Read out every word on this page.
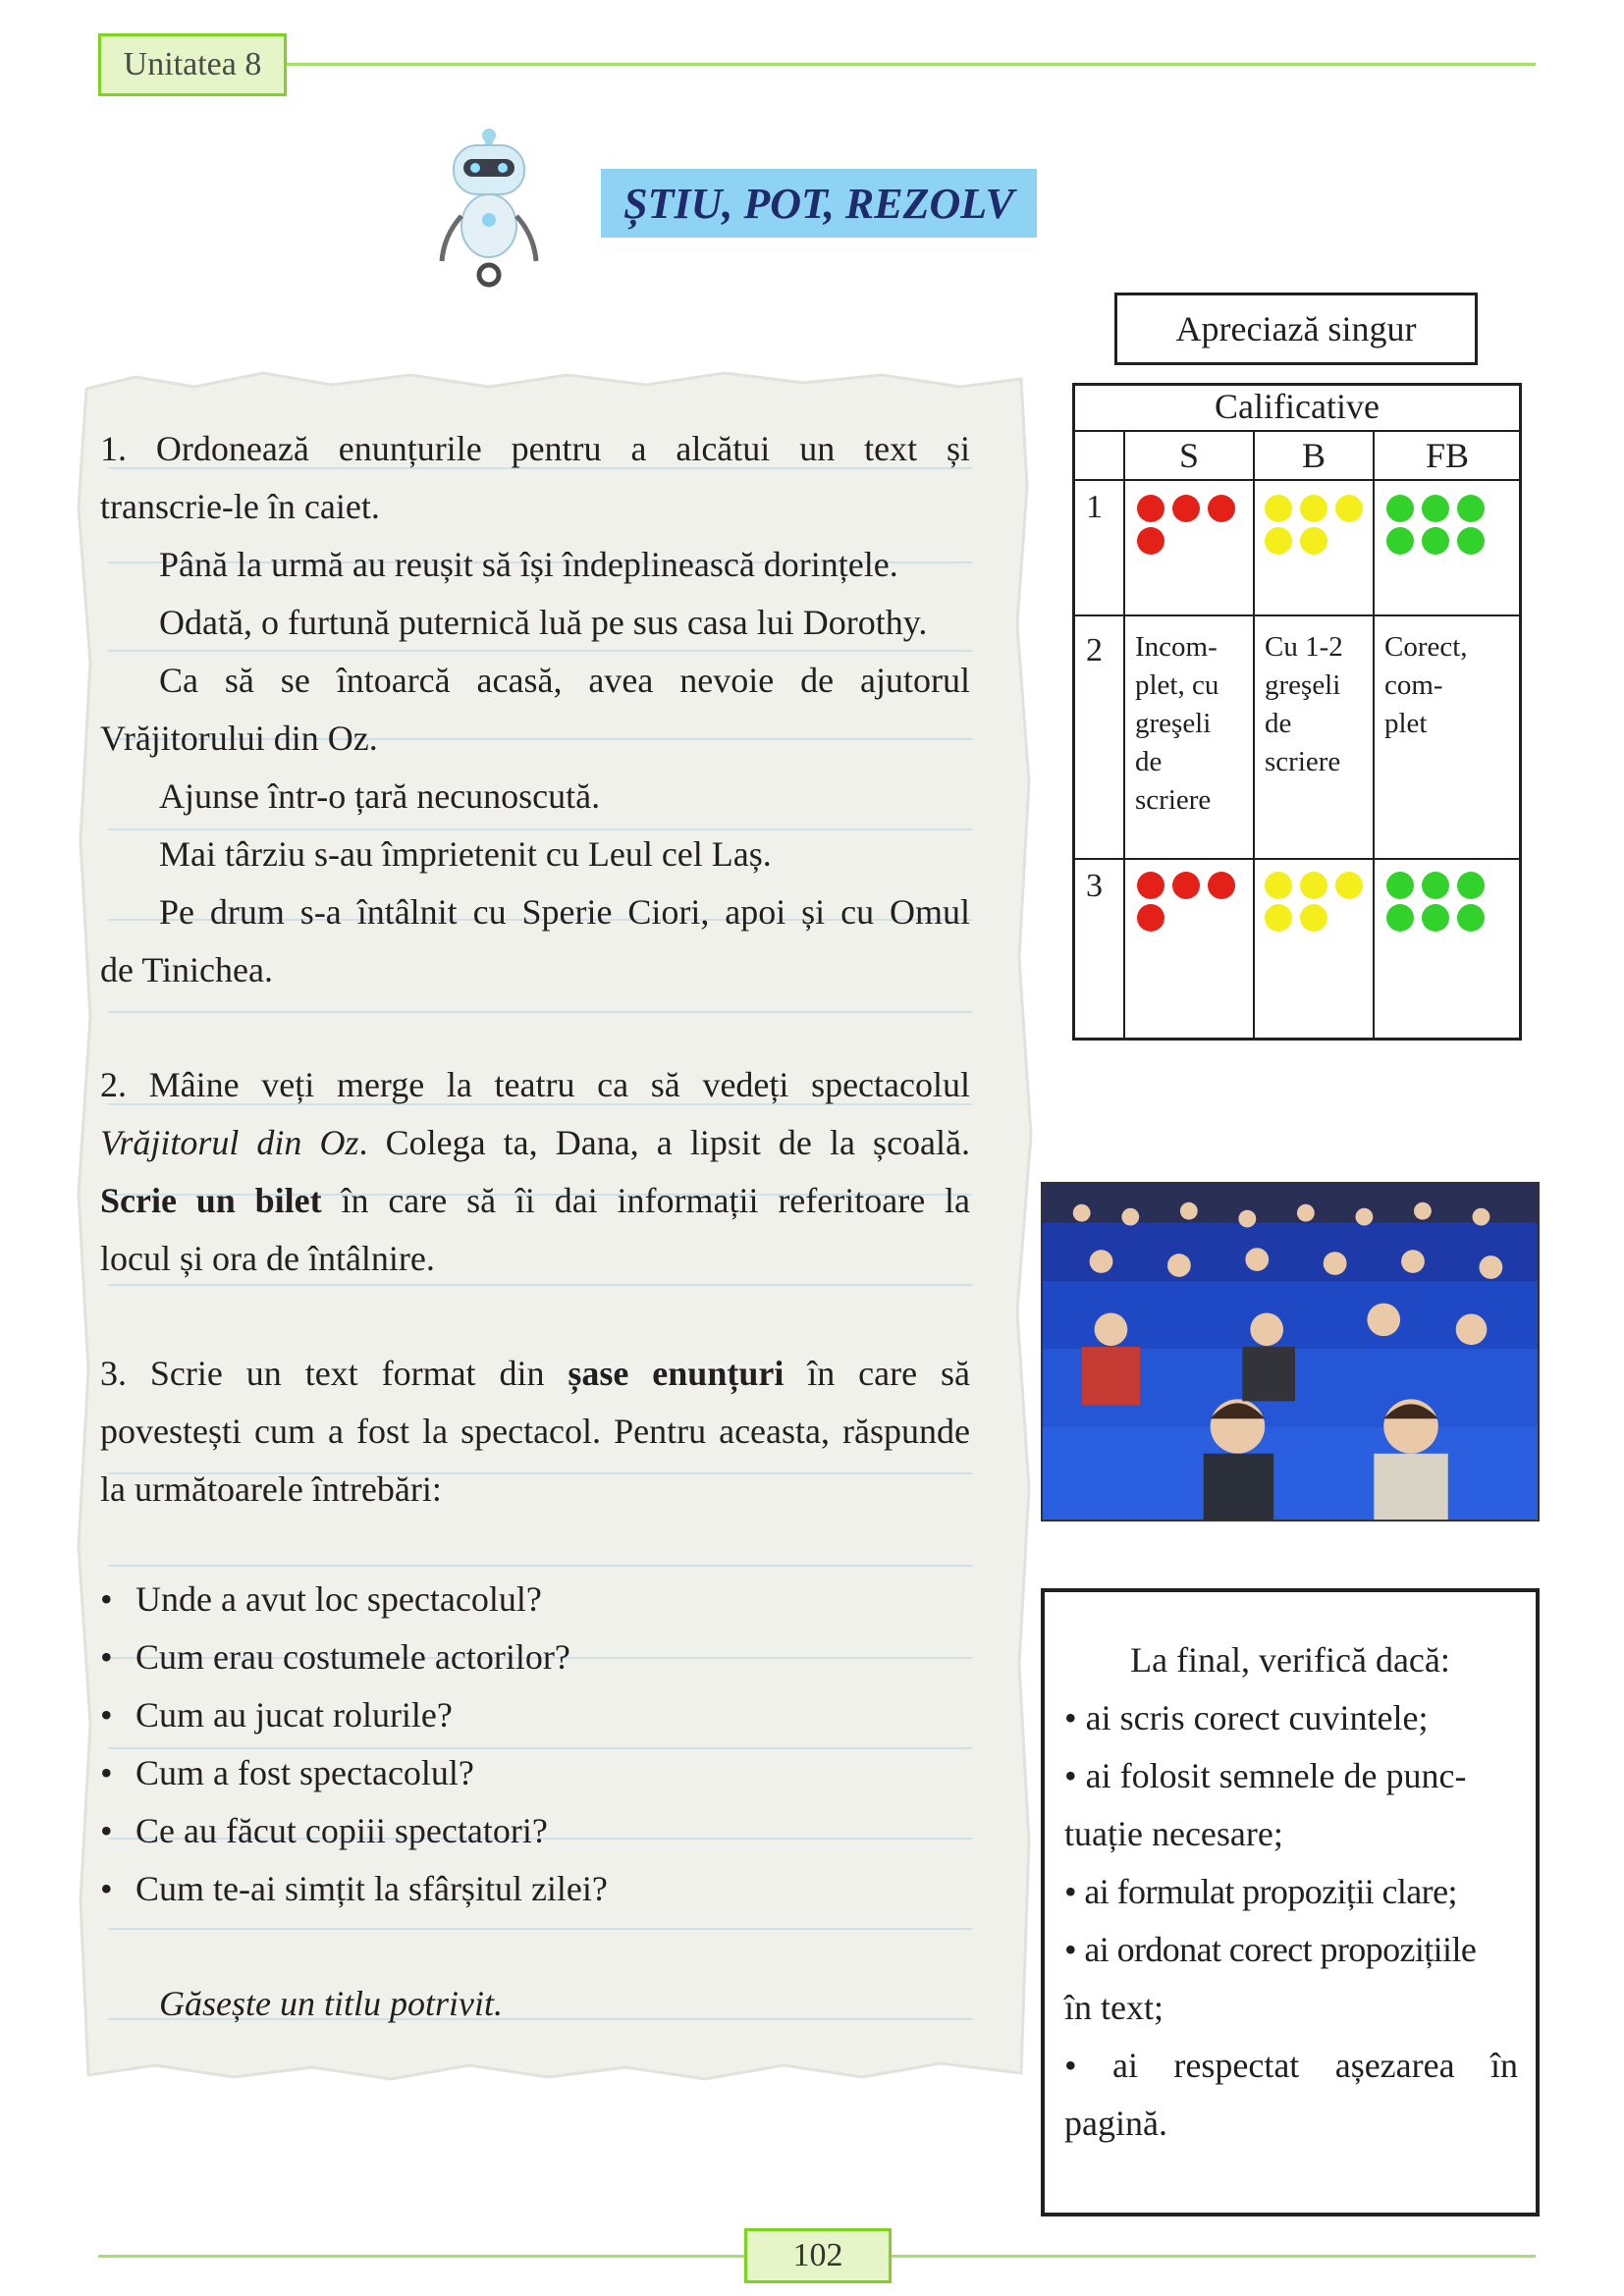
Unitatea 8
ȘTIU, POT, REZOLV
1. Ordonează enunțurile pentru a alcătui un text și
transcrie-le în caiet.
Până la urmă au reușit să își îndeplinească dorințele.
Odată, o furtună puternică luă pe sus casa lui Dorothy.
Ca să se întoarcă acasă, avea nevoie de ajutorul
Vrăjitorului din Oz.
Ajunse într-o țară necunoscută.
Mai târziu s-au împrietenit cu Leul cel Laș.
Pe drum s-a întâlnit cu Sperie Ciori, apoi și cu Omul
de Tinichea.
2. Mâine veți merge la teatru ca să vedeți spectacolul
Vrăjitorul din Oz. Colega ta, Dana, a lipsit de la școală.
Scrie un bilet în care să îi dai informații referitoare la
locul și ora de întâlnire.
3. Scrie un text format din șase enunțuri în care să
povestești cum a fost la spectacol. Pentru aceasta, răspunde
la următoarele întrebări:
• Unde a avut loc spectacolul?
• Cum erau costumele actorilor?
• Cum au jucat rolurile?
• Cum a fost spectacolul?
• Ce au făcut copiii spectatori?
• Cum te-ai simțit la sfârșitul zilei?
Găsește un titlu potrivit.
Apreciază singur
Calificative
S	B	FB
1
2
3

Incom-
plet, cu
greşeli
de
scriere
Cu 1-2
greşeli
de
scriere
Corect,
com-
plet

La final, verifică dacă:
• ai scris corect cuvintele;
• ai folosit semnele de punc-
tuație necesare;
• ai formulat propoziții clare;
• ai ordonat corect propozițiile
în text;
• ai respectat așezarea în
pagină.
102
